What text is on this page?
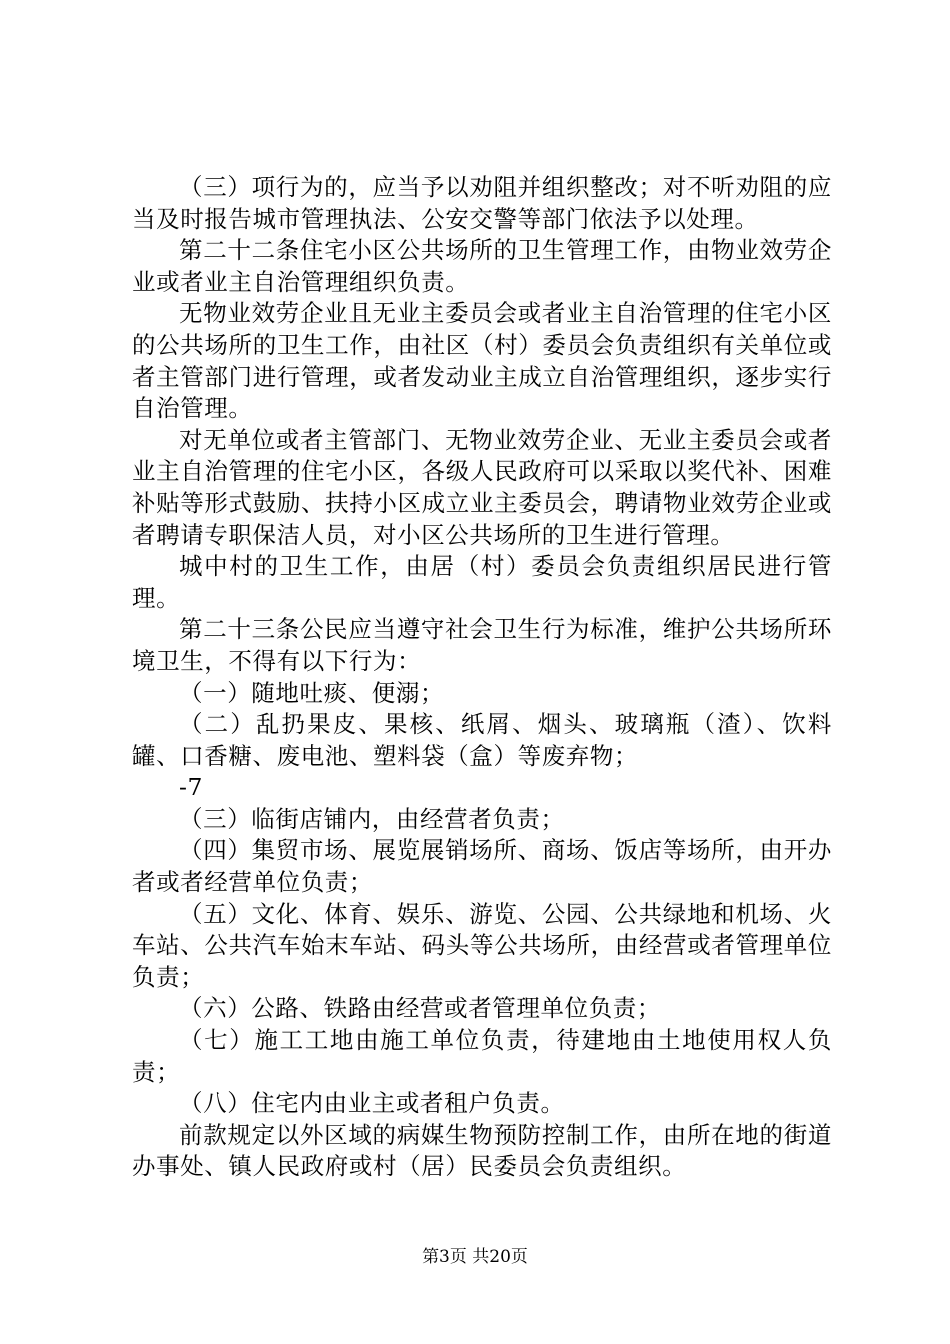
（三）项行为的，应当予以劝阻并组织整改；对不听劝阻的应当及时报告城市管理执法、公安交警等部门依法予以处理。

第二十二条住宅小区公共场所的卫生管理工作，由物业效劳企业或者业主自治管理组织负责。

无物业效劳企业且无业主委员会或者业主自治管理的住宅小区的公共场所的卫生工作，由社区（村）委员会负责组织有关单位或者主管部门进行管理，或者发动业主成立自治管理组织，逐步实行自治管理。

对无单位或者主管部门、无物业效劳企业、无业主委员会或者业主自治管理的住宅小区，各级人民政府可以采取以奖代补、困难补贴等形式鼓励、扶持小区成立业主委员会，聘请物业效劳企业或者聘请专职保洁人员，对小区公共场所的卫生进行管理。

城中村的卫生工作，由居（村）委员会负责组织居民进行管理。

第二十三条公民应当遵守社会卫生行为标准，维护公共场所环境卫生，不得有以下行为：

（一）随地吐痰、便溺；

（二）乱扔果皮、果核、纸屑、烟头、玻璃瓶（渣）、饮料罐、口香糖、废电池、塑料袋（盒）等废弃物；

-7

（三）临街店铺内，由经营者负责；

（四）集贸市场、展览展销场所、商场、饭店等场所，由开办者或者经营单位负责；

（五）文化、体育、娱乐、游览、公园、公共绿地和机场、火车站、公共汽车始末车站、码头等公共场所，由经营或者管理单位负责；

（六）公路、铁路由经营或者管理单位负责；

（七）施工工地由施工单位负责，待建地由土地使用权人负责；

（八）住宅内由业主或者租户负责。

前款规定以外区域的病媒生物预防控制工作，由所在地的街道办事处、镇人民政府或村（居）民委员会负责组织。

第3页 共20页
